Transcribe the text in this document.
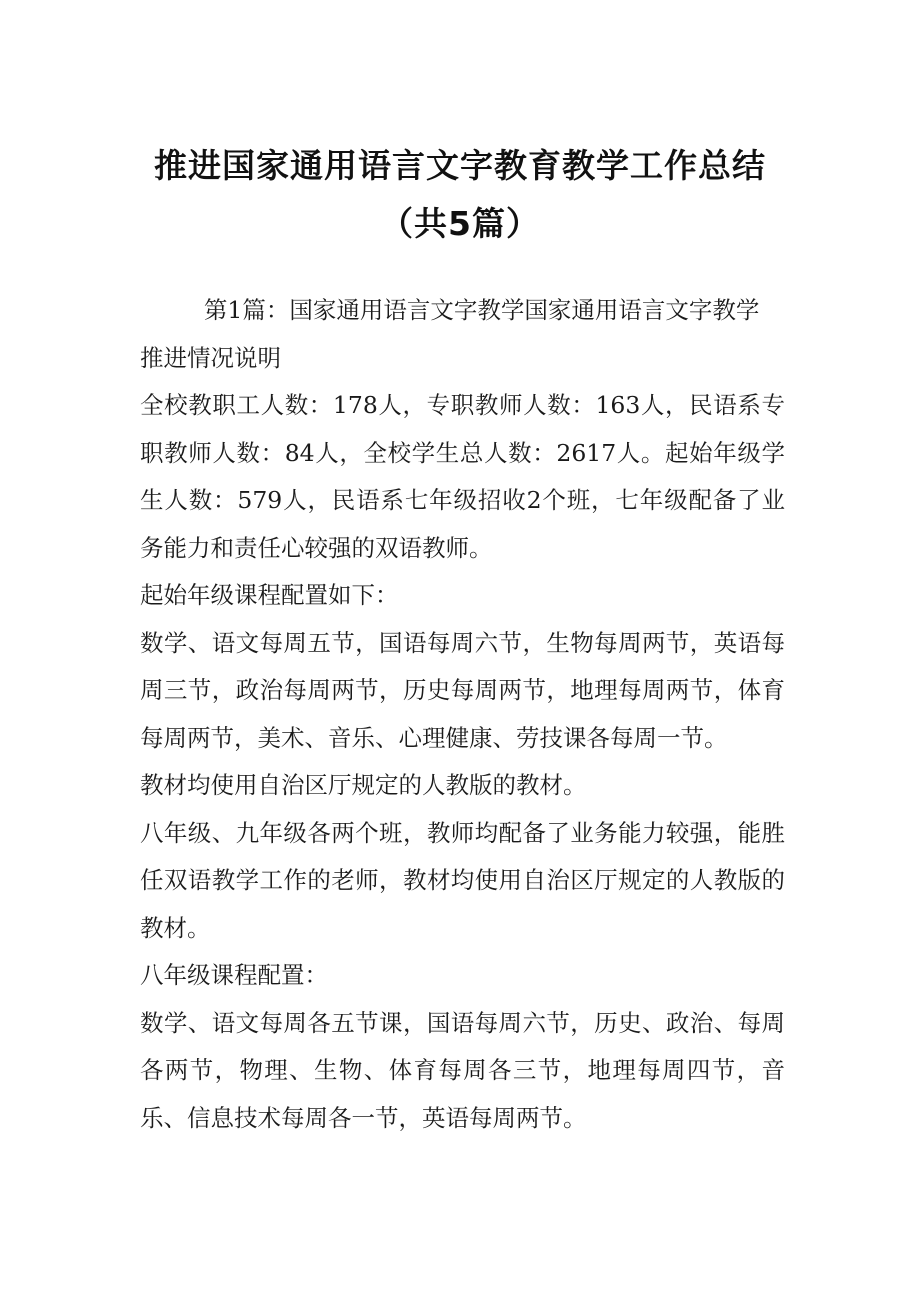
推进国家通用语言文字教育教学工作总结
（共5篇）

第1篇：国家通用语言文字教学国家通用语言文字教学

推进情况说明

全校教职工人数：178人，专职教师人数：163人，民语系专职教师人数：84人，全校学生总人数：2617人。起始年级学生人数：579人，民语系七年级招收2个班，七年级配备了业务能力和责任心较强的双语教师。

起始年级课程配置如下：

数学、语文每周五节，国语每周六节，生物每周两节，英语每周三节，政治每周两节，历史每周两节，地理每周两节，体育每周两节，美术、音乐、心理健康、劳技课各每周一节。

教材均使用自治区厅规定的人教版的教材。

八年级、九年级各两个班，教师均配备了业务能力较强，能胜任双语教学工作的老师，教材均使用自治区厅规定的人教版的教材。

八年级课程配置：

数学、语文每周各五节课，国语每周六节，历史、政治、每周各两节，物理、生物、体育每周各三节，地理每周四节，音乐、信息技术每周各一节，英语每周两节。
